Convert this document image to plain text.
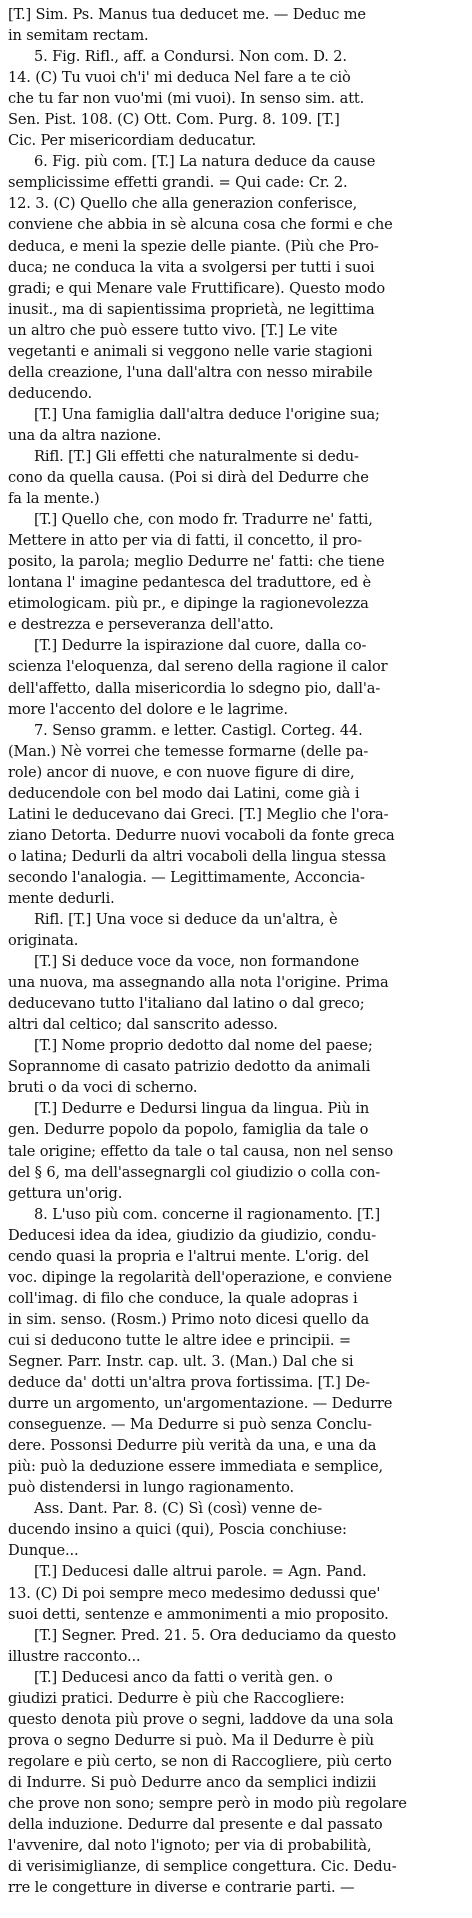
[T.] Sim. Ps. Manus tua deducet me. — Deduc me
in semitam rectam.
5. Fig. Rifl., aff. a Condursi. Non com. D. 2.
14. (C) Tu vuoi ch'i' mi deduca Nel fare a te ciò
che tu far non vuo'mi (mi vuoi). In senso sim. att.
Sen. Pist. 108. (C) Ott. Com. Purg. 8. 109. [T.]
Cic. Per misericordiam deducatur.
6. Fig. più com. [T.] La natura deduce da cause
semplicissime effetti grandi. = Qui cade: Cr. 2.
12. 3. (C) Quello che alla generazion conferisce,
conviene che abbia in sè alcuna cosa che formi e che
deduca, e meni la spezie delle piante. (Più che Pro-
duca; ne conduca la vita a svolgersi per tutti i suoi
gradi; e qui Menare vale Fruttificare). Questo modo
inusit., ma di sapientissima proprietà, ne legittima
un altro che può essere tutto vivo. [T.] Le vite
vegetanti e animali si veggono nelle varie stagioni
della creazione, l'una dall'altra con nesso mirabile
deducendo.
[T.] Una famiglia dall'altra deduce l'origine sua;
una da altra nazione.
Rifl. [T.] Gli effetti che naturalmente si dedu-
cono da quella causa. (Poi si dirà del Dedurre che
fa la mente.)
[T.] Quello che, con modo fr. Tradurre ne' fatti,
Mettere in atto per via di fatti, il concetto, il pro-
posito, la parola; meglio Dedurre ne' fatti: che tiene
lontana l' imagine pedantesca del traduttore, ed è
etimologicam. più pr., e dipinge la ragionevolezza
e destrezza e perseveranza dell'atto.
[T.] Dedurre la ispirazione dal cuore, dalla co-
scienza l'eloquenza, dal sereno della ragione il calor
dell'affetto, dalla misericordia lo sdegno pio, dall'a-
more l'accento del dolore e le lagrime.
7. Senso gramm. e letter. Castigl. Corteg. 44.
(Man.) Nè vorrei che temesse formarne (delle pa-
role) ancor di nuove, e con nuove figure di dire,
deducendole con bel modo dai Latini, come già i
Latini le deducevano dai Greci. [T.] Meglio che l'ora-
ziano Detorta. Dedurre nuovi vocaboli da fonte greca
o latina; Dedurli da altri vocaboli della lingua stessa
secondo l'analogia. — Legittimamente, Acconcia-
mente dedurli.
Rifl. [T.] Una voce si deduce da un'altra, è
originata.
[T.] Si deduce voce da voce, non formandone
una nuova, ma assegnando alla nota l'origine. Prima
deducevano tutto l'italiano dal latino o dal greco;
altri dal celtico; dal sanscrito adesso.
[T.] Nome proprio dedotto dal nome del paese;
Soprannome di casato patrizio dedotto da animali
bruti o da voci di scherno.
[T.] Dedurre e Dedursi lingua da lingua. Più in
gen. Dedurre popolo da popolo, famiglia da tale o
tale origine; effetto da tale o tal causa, non nel senso
del § 6, ma dell'assegnargli col giudizio o colla con-
gettura un'orig.
8. L'uso più com. concerne il ragionamento. [T.]
Deducesi idea da idea, giudizio da giudizio, condu-
cendo quasi la propria e l'altrui mente. L'orig. del
voc. dipinge la regolarità dell'operazione, e conviene
coll'imag. di filo che conduce, la quale adopras i
in sim. senso. (Rosm.) Primo noto dicesi quello da
cui si deducono tutte le altre idee e principii. =
Segner. Parr. Instr. cap. ult. 3. (Man.) Dal che si
deduce da' dotti un'altra prova fortissima. [T.] De-
durre un argomento, un'argomentazione. — Dedurre
conseguenze. — Ma Dedurre si può senza Conclu-
dere. Possonsi Dedurre più verità da una, e una da
più: può la deduzione essere immediata e semplice,
può distendersi in lungo ragionamento.
Ass. Dant. Par. 8. (C) Sì (così) venne de-
ducendo insino a quici (qui), Poscia conchiuse:
Dunque...
[T.] Deducesi dalle altrui parole. = Agn. Pand.
13. (C) Di poi sempre meco medesimo dedussi que'
suoi detti, sentenze e ammonimenti a mio proposito.
[T.] Segner. Pred. 21. 5. Ora deduciamo da questo
illustre racconto...
[T.] Deducesi anco da fatti o verità gen. o
giudizi pratici. Dedurre è più che Raccogliere:
questo denota più prove o segni, laddove da una sola
prova o segno Dedurre si può. Ma il Dedurre è più
regolare e più certo, se non di Raccogliere, più certo
di Indurre. Si può Dedurre anco da semplici indizii
che prove non sono; sempre però in modo più regolare
della induzione. Dedurre dal presente e dal passato
l'avvenire, dal noto l'ignoto; per via di probabilità,
di verisimiglianze, di semplice congettura. Cic. Dedu-
rre le congetture in diverse e contrarie parti. —
